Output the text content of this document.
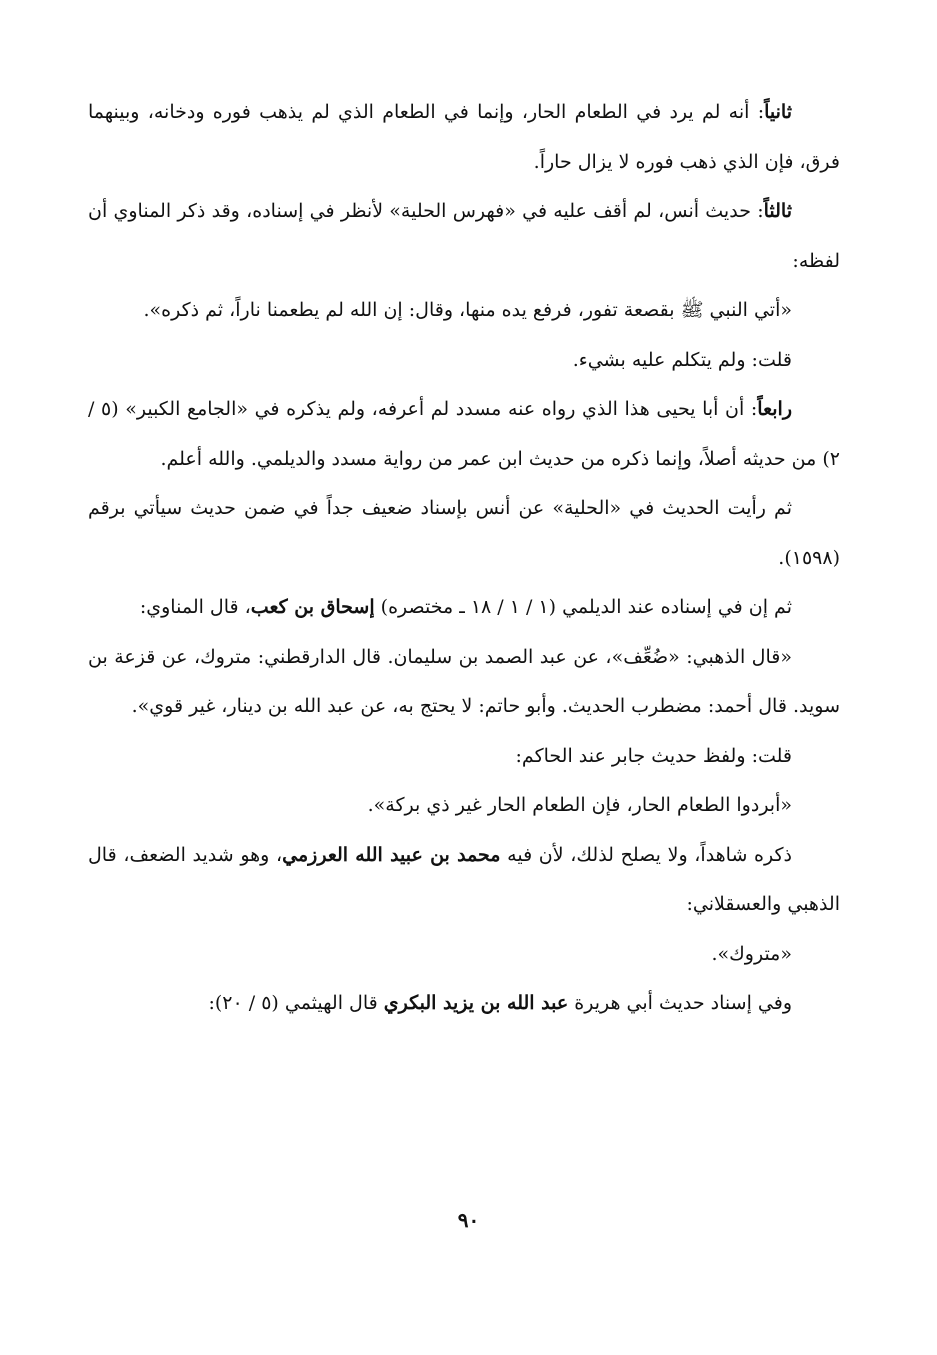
ثانياً: أنه لم يرد في الطعام الحار، وإنما في الطعام الذي لم يذهب فوره ودخانه، وبينهما فرق، فإن الذي ذهب فوره لا يزال حاراً.

ثالثاً: حديث أنس، لم أقف عليه في «فهرس الحلية» لأنظر في إسناده، وقد ذكر المناوي أن لفظه:

«أتي النبي ﷺ بقصعة تفور، فرفع يده منها، وقال: إن الله لم يطعمنا ناراً، ثم ذكره».

قلت: ولم يتكلم عليه بشيء.

رابعاً: أن أبا يحيى هذا الذي رواه عنه مسدد لم أعرفه، ولم يذكره في «الجامع الكبير» (٥ / ٢) من حديثه أصلاً، وإنما ذكره من حديث ابن عمر من رواية مسدد والديلمي. والله أعلم.

ثم رأيت الحديث في «الحلية» عن أنس بإسناد ضعيف جداً في ضمن حديث سيأتي برقم (١٥٩٨).

ثم إن في إسناده عند الديلمي (١ / ١ / ١٨ ـ مختصره) إسحاق بن كعب، قال المناوي:

«قال الذهبي: «ضُعِّف»، عن عبد الصمد بن سليمان. قال الدارقطني: متروك، عن قزعة بن سويد. قال أحمد: مضطرب الحديث. وأبو حاتم: لا يحتج به، عن عبد الله بن دينار، غير قوي».

قلت: ولفظ حديث جابر عند الحاكم:

«أبردوا الطعام الحار، فإن الطعام الحار غير ذي بركة».

ذكره شاهداً، ولا يصلح لذلك، لأن فيه محمد بن عبيد الله العرزمي، وهو شديد الضعف، قال الذهبي والعسقلاني:

«متروك».

وفي إسناد حديث أبي هريرة عبد الله بن يزيد البكري قال الهيثمي (٥ / ٢٠):

٩٠
